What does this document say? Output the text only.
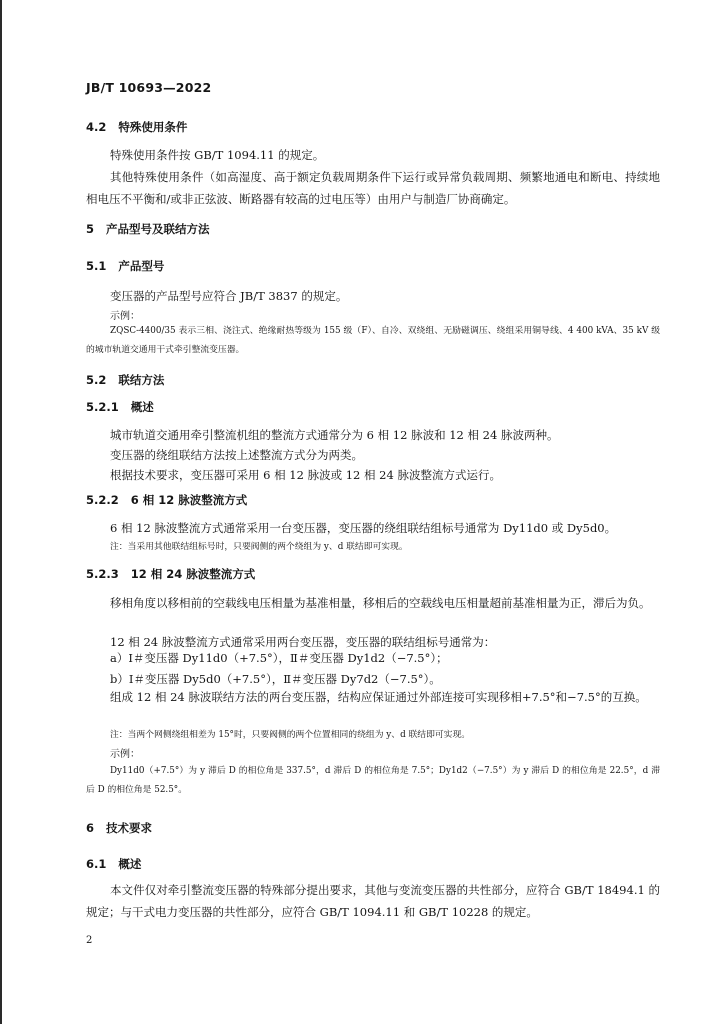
JB/T 10693—2022
4.2 特殊使用条件
特殊使用条件按 GB/T 1094.11 的规定。
其他特殊使用条件（如高湿度、高于额定负载周期条件下运行或异常负载周期、频繁地通电和断电、持续地相电压不平衡和/或非正弦波、断路器有较高的过电压等）由用户与制造厂协商确定。
5 产品型号及联结方法
5.1 产品型号
变压器的产品型号应符合 JB/T 3837 的规定。
示例：
ZQSC-4400/35 表示三相、浇注式、绝缘耐热等级为 155 级（F）、自冷、双绕组、无励磁调压、绕组采用铜导线、4 400 kVA、35 kV 级的城市轨道交通用干式牵引整流变压器。
5.2 联结方法
5.2.1 概述
城市轨道交通用牵引整流机组的整流方式通常分为 6 相 12 脉波和 12 相 24 脉波两种。
变压器的绕组联结方法按上述整流方式分为两类。
根据技术要求，变压器可采用 6 相 12 脉波或 12 相 24 脉波整流方式运行。
5.2.2 6 相 12 脉波整流方式
6 相 12 脉波整流方式通常采用一台变压器，变压器的绕组联结组标号通常为 Dy11d0 或 Dy5d0。
注：当采用其他联结组标号时，只要阀侧的两个绕组为 y、d 联结即可实现。
5.2.3 12 相 24 脉波整流方式
移相角度以移相前的空载线电压相量为基准相量，移相后的空载线电压相量超前基准相量为正，滞后为负。
12 相 24 脉波整流方式通常采用两台变压器，变压器的联结组标号通常为：
a）Ⅰ＃变压器 Dy11d0（+7.5°），Ⅱ＃变压器 Dy1d2（−7.5°）；
b）Ⅰ＃变压器 Dy5d0（+7.5°），Ⅱ＃变压器 Dy7d2（−7.5°）。
组成 12 相 24 脉波联结方法的两台变压器，结构应保证通过外部连接可实现移相+7.5°和−7.5°的互换。
注：当两个网侧绕组相差为 15°时，只要阀侧的两个位置相同的绕组为 y、d 联结即可实现。
示例：
Dy11d0（+7.5°）为 y 滞后 D 的相位角是 337.5°，d 滞后 D 的相位角是 7.5°；Dy1d2（−7.5°）为 y 滞后 D 的相位角是 22.5°，d 滞后 D 的相位角是 52.5°。
6 技术要求
6.1 概述
本文件仅对牵引整流变压器的特殊部分提出要求，其他与变流变压器的共性部分，应符合 GB/T 18494.1 的规定；与干式电力变压器的共性部分，应符合 GB/T 1094.11 和 GB/T 10228 的规定。
2
